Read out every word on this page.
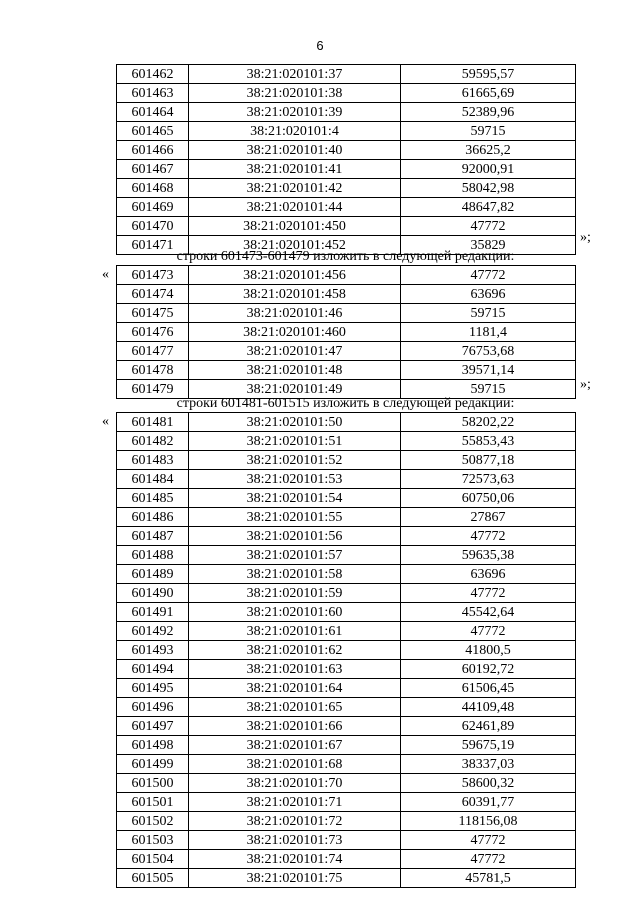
6
601462	38:21:020101:37	59595,57
601463	38:21:020101:38	61665,69
601464	38:21:020101:39	52389,96
601465	38:21:020101:4	59715
601466	38:21:020101:40	36625,2
601467	38:21:020101:41	92000,91
601468	38:21:020101:42	58042,98
601469	38:21:020101:44	48647,82
601470	38:21:020101:450	47772
601471	38:21:020101:452	35829	»;
строки 601473-601479 изложить в следующей редакции:
« 601473	38:21:020101:456	47772
601474	38:21:020101:458	63696
601475	38:21:020101:46	59715
601476	38:21:020101:460	1181,4
601477	38:21:020101:47	76753,68
601478	38:21:020101:48	39571,14
601479	38:21:020101:49	59715	»;
строки 601481-601515 изложить в следующей редакции:
« 601481	38:21:020101:50	58202,22
601482	38:21:020101:51	55853,43
601483	38:21:020101:52	50877,18
601484	38:21:020101:53	72573,63
601485	38:21:020101:54	60750,06
601486	38:21:020101:55	27867
601487	38:21:020101:56	47772
601488	38:21:020101:57	59635,38
601489	38:21:020101:58	63696
601490	38:21:020101:59	47772
601491	38:21:020101:60	45542,64
601492	38:21:020101:61	47772
601493	38:21:020101:62	41800,5
601494	38:21:020101:63	60192,72
601495	38:21:020101:64	61506,45
601496	38:21:020101:65	44109,48
601497	38:21:020101:66	62461,89
601498	38:21:020101:67	59675,19
601499	38:21:020101:68	38337,03
601500	38:21:020101:70	58600,32
601501	38:21:020101:71	60391,77
601502	38:21:020101:72	118156,08
601503	38:21:020101:73	47772
601504	38:21:020101:74	47772
601505	38:21:020101:75	45781,5
